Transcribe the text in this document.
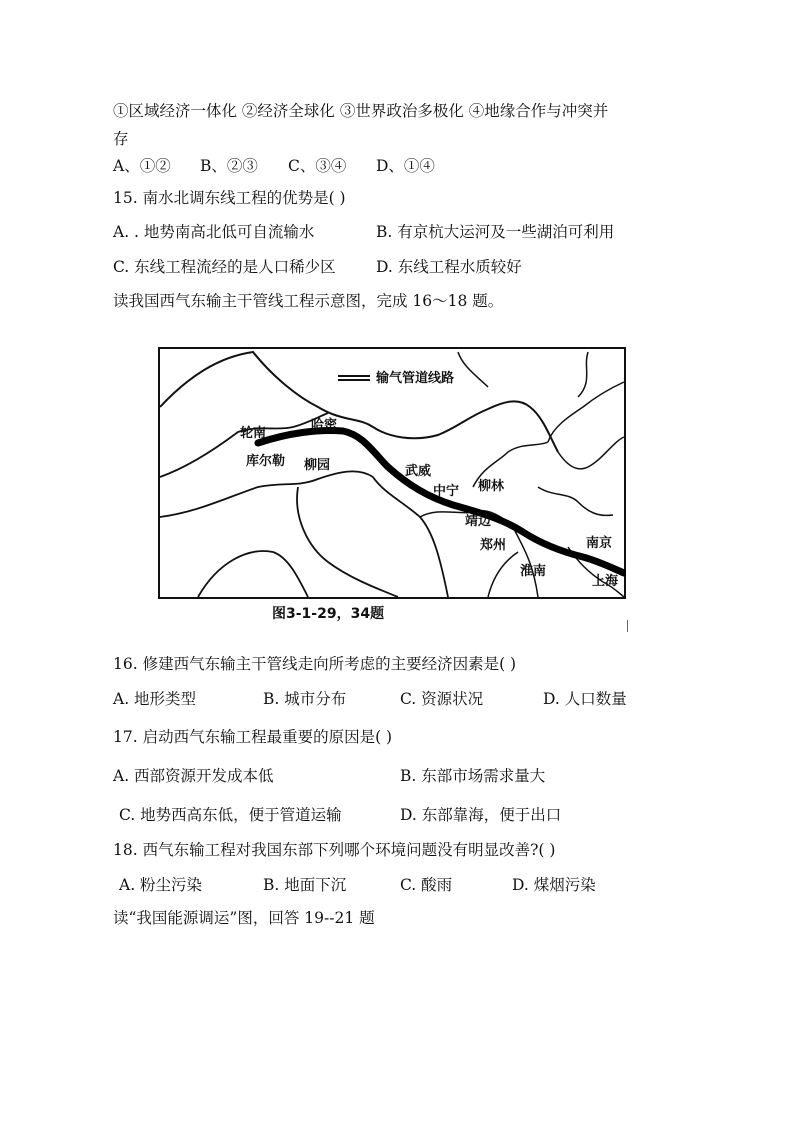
①区域经济一体化 ②经济全球化 ③世界政治多极化 ④地缘合作与冲突并
存
A、①② B、②③ C、③④ D、①④
15. 南水北调东线工程的优势是( )
A. . 地势南高北低可自流输水	B. 有京杭大运河及一些湖泊可利用
C. 东线工程流经的是人口稀少区	D. 东线工程水质较好
读我国西气东输主干管线工程示意图，完成 16～18 题。
输气管道线路
轮南
哈密
库尔勒 柳园	武威
中宁 柳林
靖边
郑州
淮南
南京
上海
图3-1-29，34题
16. 修建西气东输主干管线走向所考虑的主要经济因素是( )
A. 地形类型	B. 城市分布	C. 资源状况	D. 人口数量
17. 启动西气东输工程最重要的原因是( )
A. 西部资源开发成本低	B. 东部市场需求量大
C. 地势西高东低，便于管道运输	D. 东部靠海，便于出口
18. 西气东输工程对我国东部下列哪个环境问题没有明显改善?( )
A. 粉尘污染	B. 地面下沉	C. 酸雨	D. 煤烟污染
读“我国能源调运”图，回答 19--21 题
